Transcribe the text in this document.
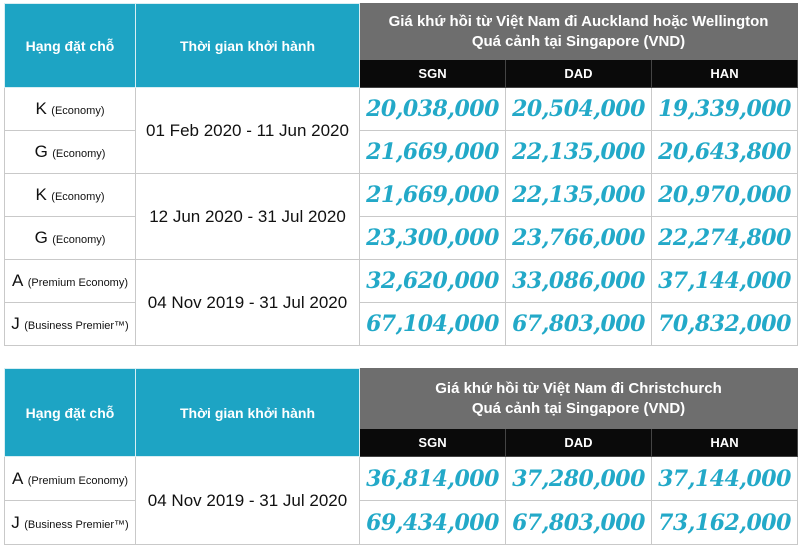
Hạng đặt chỗ	Thời gian khởi hành	Giá khứ hồi từ Việt Nam đi Auckland hoặc Wellington
Quá cảnh tại Singapore (VND)		

		SGN	DAD	HAN
K (Economy)	01 Feb 2020 - 11 Jun 2020	20,038,000	20,504,000	19,339,000
G (Economy)		21,669,000	22,135,000	20,643,800
K (Economy)	12 Jun 2020 - 31 Jul 2020	21,669,000	22,135,000	20,970,000
G (Economy)		23,300,000	23,766,000	22,274,800
A (Premium Economy)	04 Nov 2019 - 31 Jul 2020	32,620,000	33,086,000	37,144,000
J (Business Premier™)		67,104,000	67,803,000	70,832,000
Hạng đặt chỗ	Thời gian khởi hành	Giá khứ hồi từ Việt Nam đi Christchurch
Quá cảnh tại Singapore (VND)		

		SGN	DAD	HAN
A (Premium Economy)	04 Nov 2019 - 31 Jul 2020	36,814,000	37,280,000	37,144,000
J (Business Premier™)		69,434,000	67,803,000	73,162,000
